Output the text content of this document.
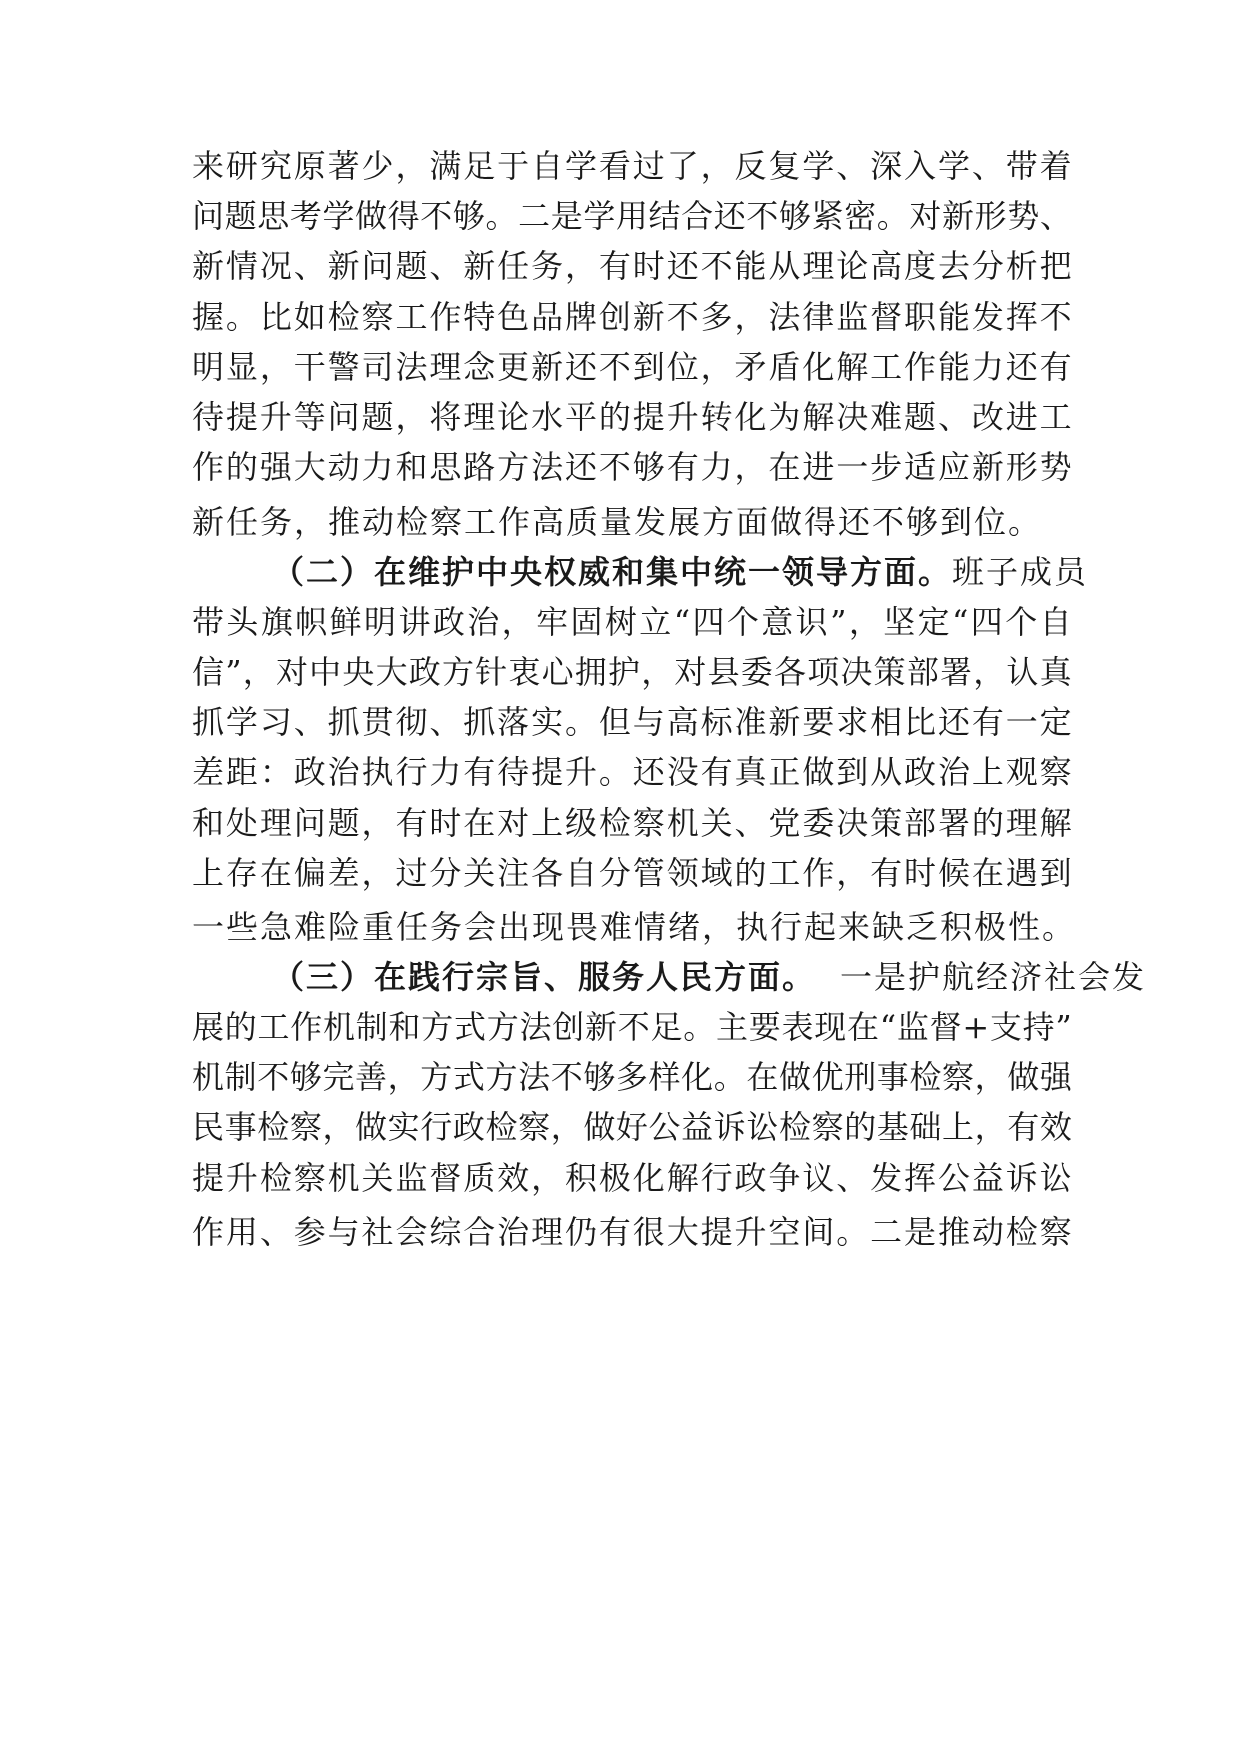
来 研 究 原 著 少 ， 满 足 于 自 学 看 过 了 ， 反 复 学 、 深 入 学 、 带 着
问 题 思 考 学 做 得 不 够 。 二 是 学 用 结 合 还 不 够 紧 密 。 对 新 形 势 、
新 情 况 、 新 问 题 、 新 任 务 ， 有 时 还 不 能 从 理 论 高 度 去 分 析 把
握 。 比 如 检 察 工 作 特 色 品 牌 创 新 不 多 ， 法 律 监 督 职 能 发 挥 不
明 显 ， 干 警 司 法 理 念 更 新 还 不 到 位 ， 矛 盾 化 解 工 作 能 力 还 有
待 提 升 等 问 题 ， 将 理 论 水 平 的 提 升 转 化 为 解 决 难 题 、 改 进 工
作 的 强 大 动 力 和 思 路 方 法 还 不 够 有 力 ， 在 进 一 步 适 应 新 形 势
新任务，推动检察工作高质量发展方面做得还不够到位。
（二）在维护中央权威和集中统一领导方面。班子成员
带 头 旗 帜 鲜 明 讲 政 治 ， 牢 固 树 立 “ 四 个 意 识 ” ， 坚 定 “ 四 个 自
信 ” ， 对 中 央 大 政 方 针 衷 心 拥 护 ， 对 县 委 各 项 决 策 部 署 ， 认 真
抓 学 习 、 抓 贯 彻 、 抓 落 实 。 但 与 高 标 准 新 要 求 相 比 还 有 一 定
差 距 ： 政 治 执 行 力 有 待 提 升 。 还 没 有 真 正 做 到 从 政 治 上 观 察
和 处 理 问 题 ， 有 时 在 对 上 级 检 察 机 关 、 党 委 决 策 部 署 的 理 解
上 存 在 偏 差 ， 过 分 关 注 各 自 分 管 领 域 的 工 作 ， 有 时 候 在 遇 到
一些急难险重任务会出现畏难情绪，执行起来缺乏积极性。
（三）在践行宗旨、服务人民方面。 一是护航经济社会发
展 的 工 作 机 制 和 方 式 方 法 创 新 不 足 。 主 要 表 现 在 “ 监 督 + 支 持 ”
机 制 不 够 完 善 ， 方 式 方 法 不 够 多 样 化 。 在 做 优 刑 事 检 察 ， 做 强
民 事 检 察 ， 做 实 行 政 检 察 ， 做 好 公 益 诉 讼 检 察 的 基 础 上 ， 有 效
提 升 检 察 机 关 监 督 质 效 ， 积 极 化 解 行 政 争 议 、 发 挥 公 益 诉 讼
作 用 、 参 与 社 会 综 合 治 理 仍 有 很 大 提 升 空 间 。 二 是 推 动 检 察
